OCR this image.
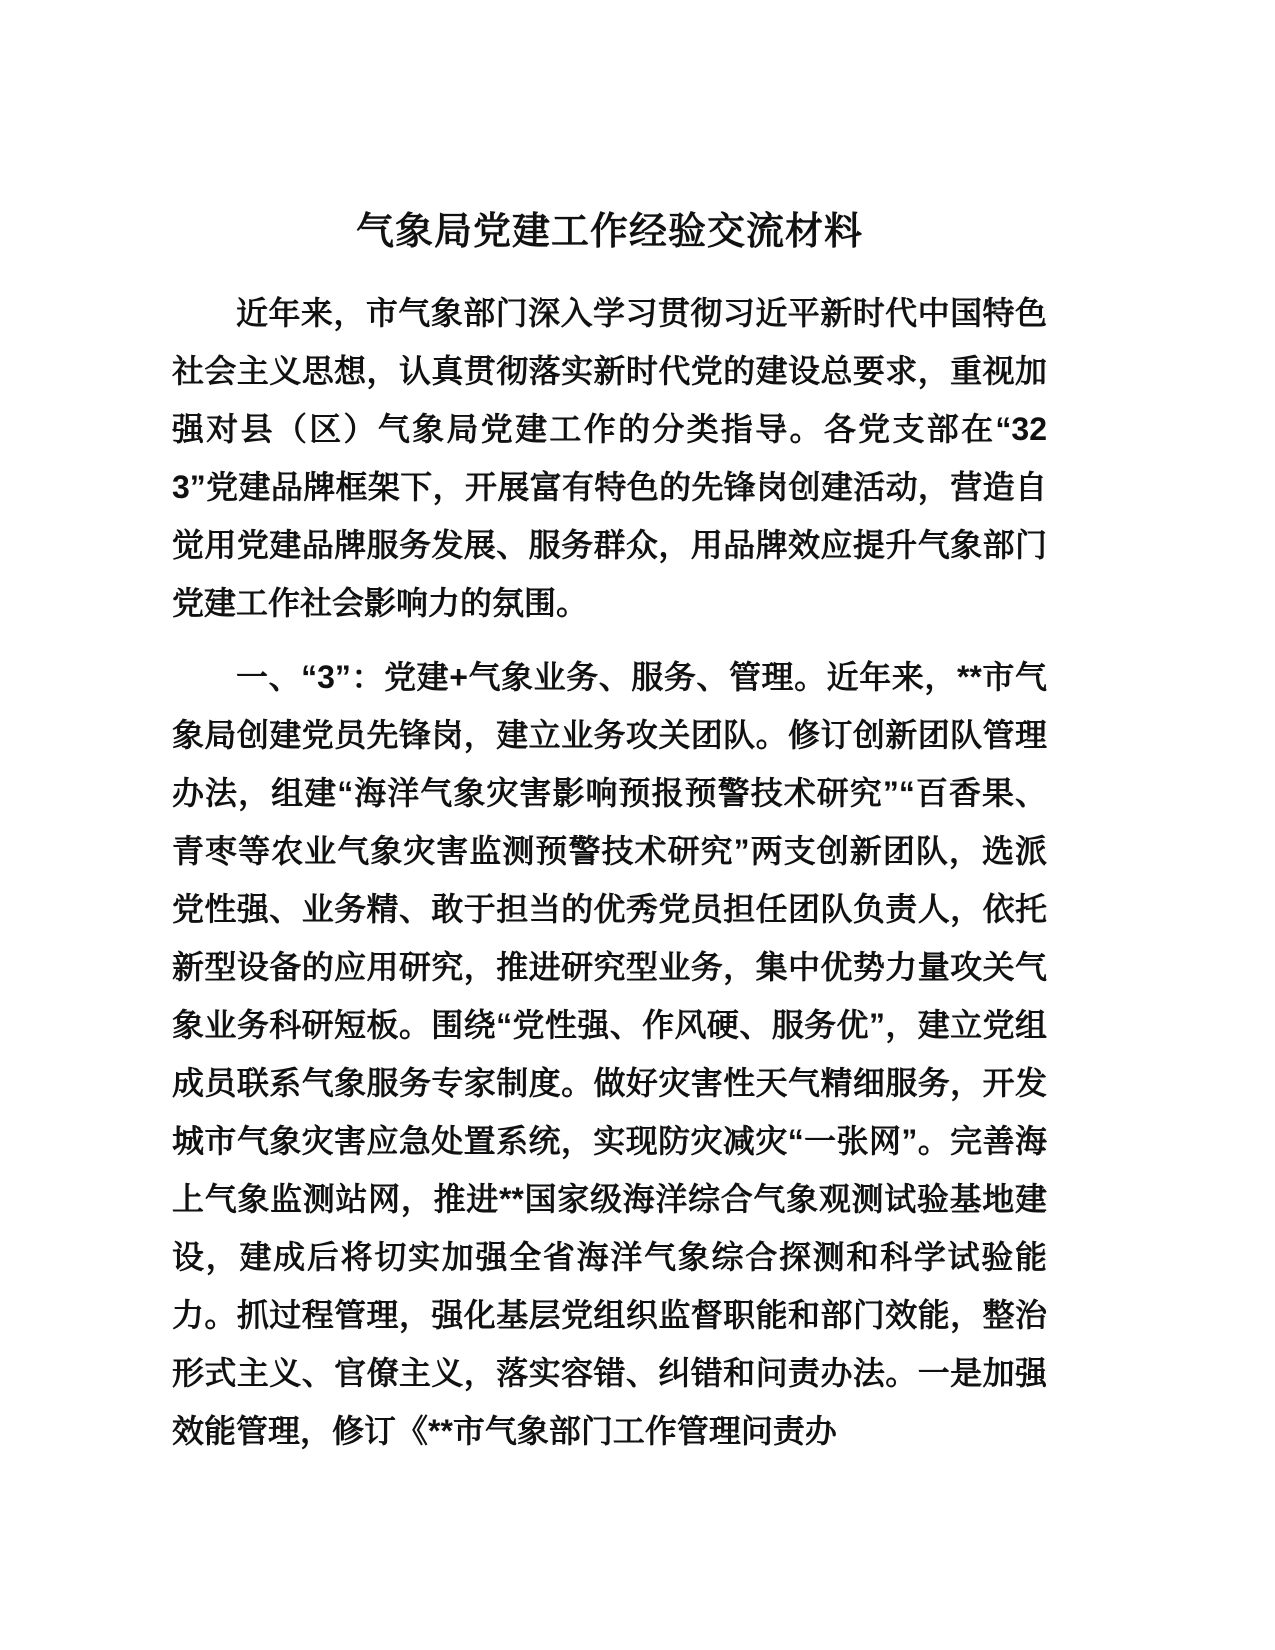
气象局党建工作经验交流材料

近年来，市气象部门深入学习贯彻习近平新时代中国特色社会主义思想，认真贯彻落实新时代党的建设总要求，重视加强对县（区）气象局党建工作的分类指导。各党支部在“323”党建品牌框架下，开展富有特色的先锋岗创建活动，营造自觉用党建品牌服务发展、服务群众，用品牌效应提升气象部门党建工作社会影响力的氛围。

一、“3”：党建+气象业务、服务、管理。近年来，**市气象局创建党员先锋岗，建立业务攻关团队。修订创新团队管理办法，组建“海洋气象灾害影响预报预警技术研究”“百香果、青枣等农业气象灾害监测预警技术研究”两支创新团队，选派党性强、业务精、敢于担当的优秀党员担任团队负责人，依托新型设备的应用研究，推进研究型业务，集中优势力量攻关气象业务科研短板。围绕“党性强、作风硬、服务优”，建立党组成员联系气象服务专家制度。做好灾害性天气精细服务，开发城市气象灾害应急处置系统，实现防灾减灾“一张网”。完善海上气象监测站网，推进**国家级海洋综合气象观测试验基地建设，建成后将切实加强全省海洋气象综合探测和科学试验能力。抓过程管理，强化基层党组织监督职能和部门效能，整治形式主义、官僚主义，落实容错、纠错和问责办法。一是加强效能管理，修订《**市气象部门工作管理问责办
